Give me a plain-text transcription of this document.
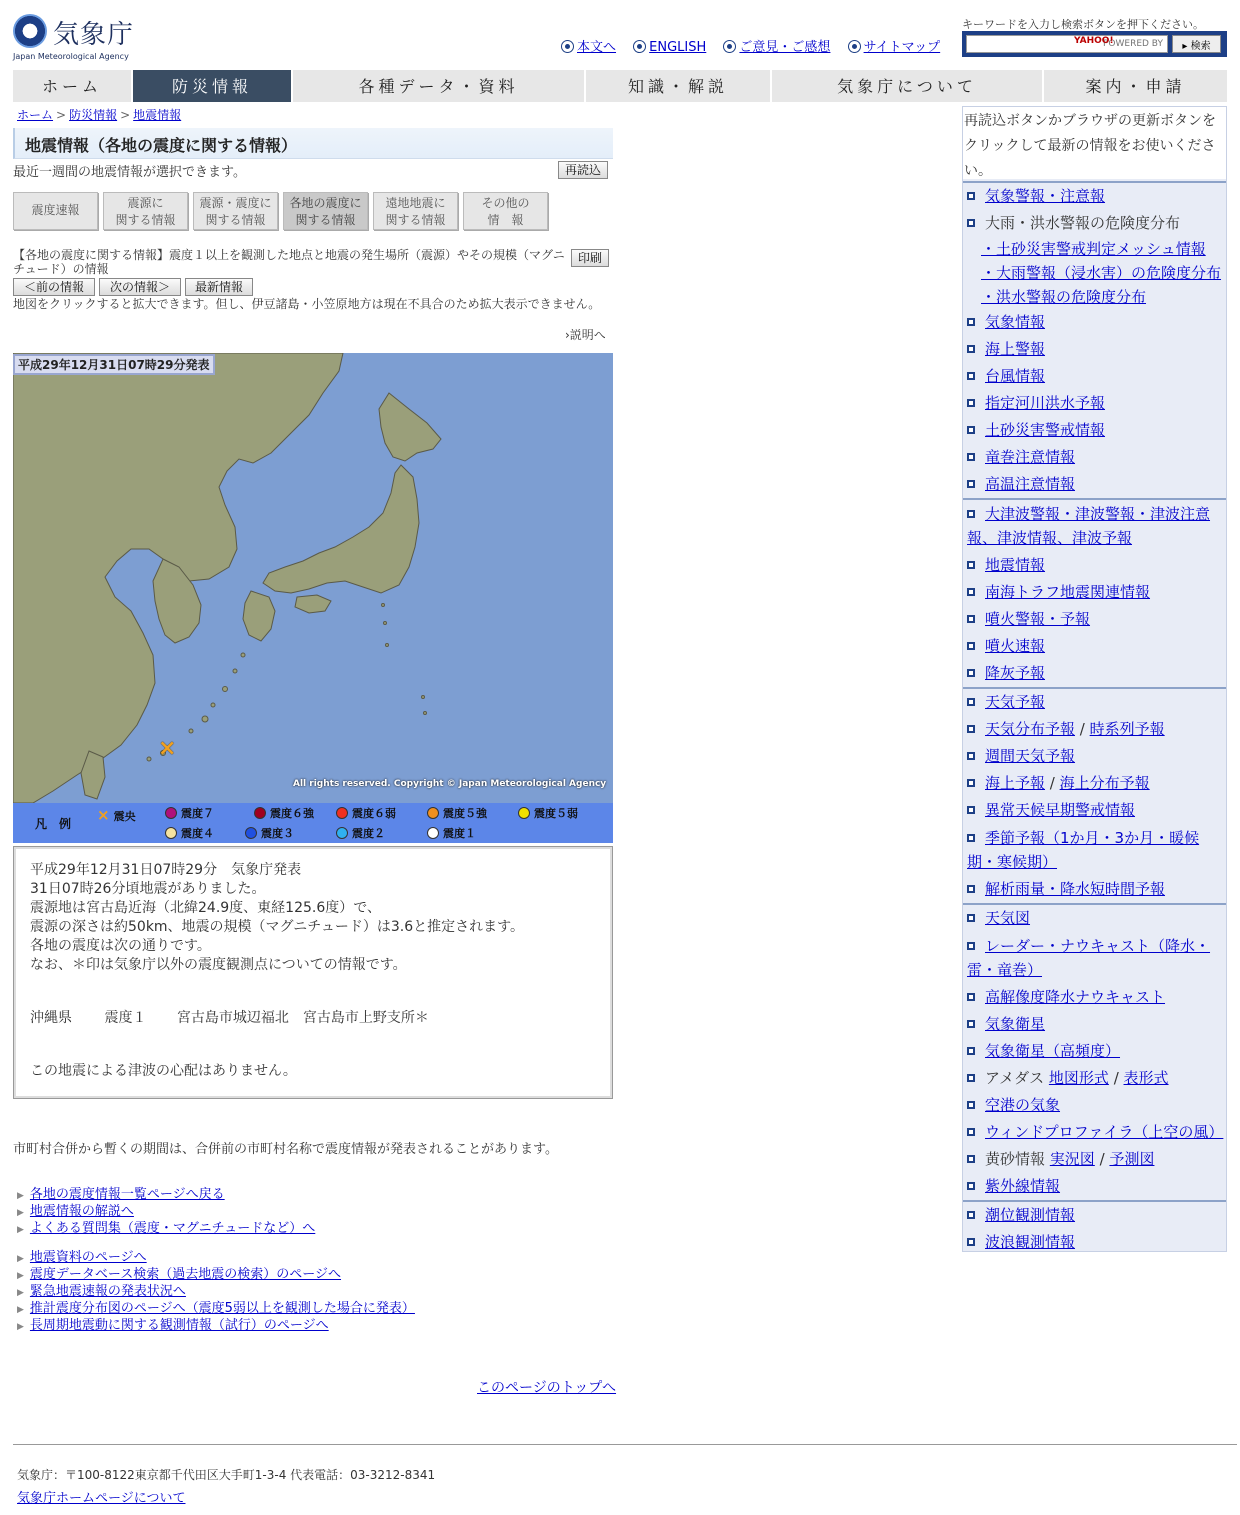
気象庁
Japan Meteorological Agency
本文へ	ENGLISH	ご意見・ご感想	サイトマップ
キーワードを入力し検索ボタンを押下ください。
POWERED BY
YAHOO!	▸ 検索
ホーム	防災情報	各種データ・資料	知識・解説	気象庁について	案内・申請
ホーム > 防災情報 > 地震情報
地震情報（各地の震度に関する情報）
最近一週間の地震情報が選択できます。	再読込
震度速報	震源に
関する情報
震源・震度に
関する情報
各地の震度に
関する情報
遠地地震に
関する情報
その他の
情　報
【各地の震度に関する情報】震度１以上を観測した地点と地震の発生場所（震源）やその規模（マグニチュード）の情報
印刷
＜前の情報	次の情報＞	最新情報
地図をクリックすると拡大できます。但し、伊豆諸島・小笠原地方は現在不具合のため拡大表示できません。
›説明へ
×
All rights reserved. Copyright © Japan Meteorological Agency
平成29年12月31日07時29分発表
凡　例 × 震央	震度７	震度６強	震度６弱	震度５強	震度５弱
震度４	震度３	震度２	震度１
平成29年12月31日07時29分　気象庁発表
31日07時26分頃地震がありました。
震源地は宮古島近海（北緯24.9度、東経125.6度）で、
震源の深さは約50km、地震の規模（マグニチュード）は3.6と推定されます。
各地の震度は次の通りです。
なお、＊印は気象庁以外の震度観測点についての情報です。
沖縄県 震度１ 宮古島市城辺福北　宮古島市上野支所＊
この地震による津波の心配はありません。
市町村合併から暫くの期間は、合併前の市町村名称で震度情報が発表されることがあります。
▶ 各地の震度情報一覧ページへ戻る
▶ 地震情報の解説へ
▶ よくある質問集（震度・マグニチュードなど）へ
▶ 地震資料のページへ
▶ 震度データベース検索（過去地震の検索）のページへ
▶ 緊急地震速報の発表状況へ
▶ 推計震度分布図のページへ（震度5弱以上を観測した場合に発表）
▶ 長周期地震動に関する観測情報（試行）のページへ
このページのトップへ
気象庁：〒100-8122東京都千代田区大手町1-3-4 代表電話：03-3212-8341
気象庁ホームページについて
再読込ボタンかブラウザの更新ボタンをクリックして最新の情報をお使いください。
気象警報・注意報
大雨・洪水警報の危険度分布
・土砂災害警戒判定メッシュ情報
・大雨警報（浸水害）の危険度分布
・洪水警報の危険度分布
気象情報
海上警報
台風情報
指定河川洪水予報
土砂災害警戒情報
竜巻注意情報
高温注意情報
大津波警報・津波警報・津波注意報、津波情報、津波予報
地震情報
南海トラフ地震関連情報
噴火警報・予報
噴火速報
降灰予報
天気予報
天気分布予報 / 時系列予報
週間天気予報
海上予報 / 海上分布予報
異常天候早期警戒情報
季節予報（1か月・3か月・暖候期・寒候期）
解析雨量・降水短時間予報
天気図
レーダー・ナウキャスト（降水・雷・竜巻）
高解像度降水ナウキャスト
気象衛星
気象衛星（高頻度）
アメダス 地図形式 / 表形式
空港の気象
ウィンドプロファイラ（上空の風）
黄砂情報 実況図 / 予測図
紫外線情報
潮位観測情報
波浪観測情報
